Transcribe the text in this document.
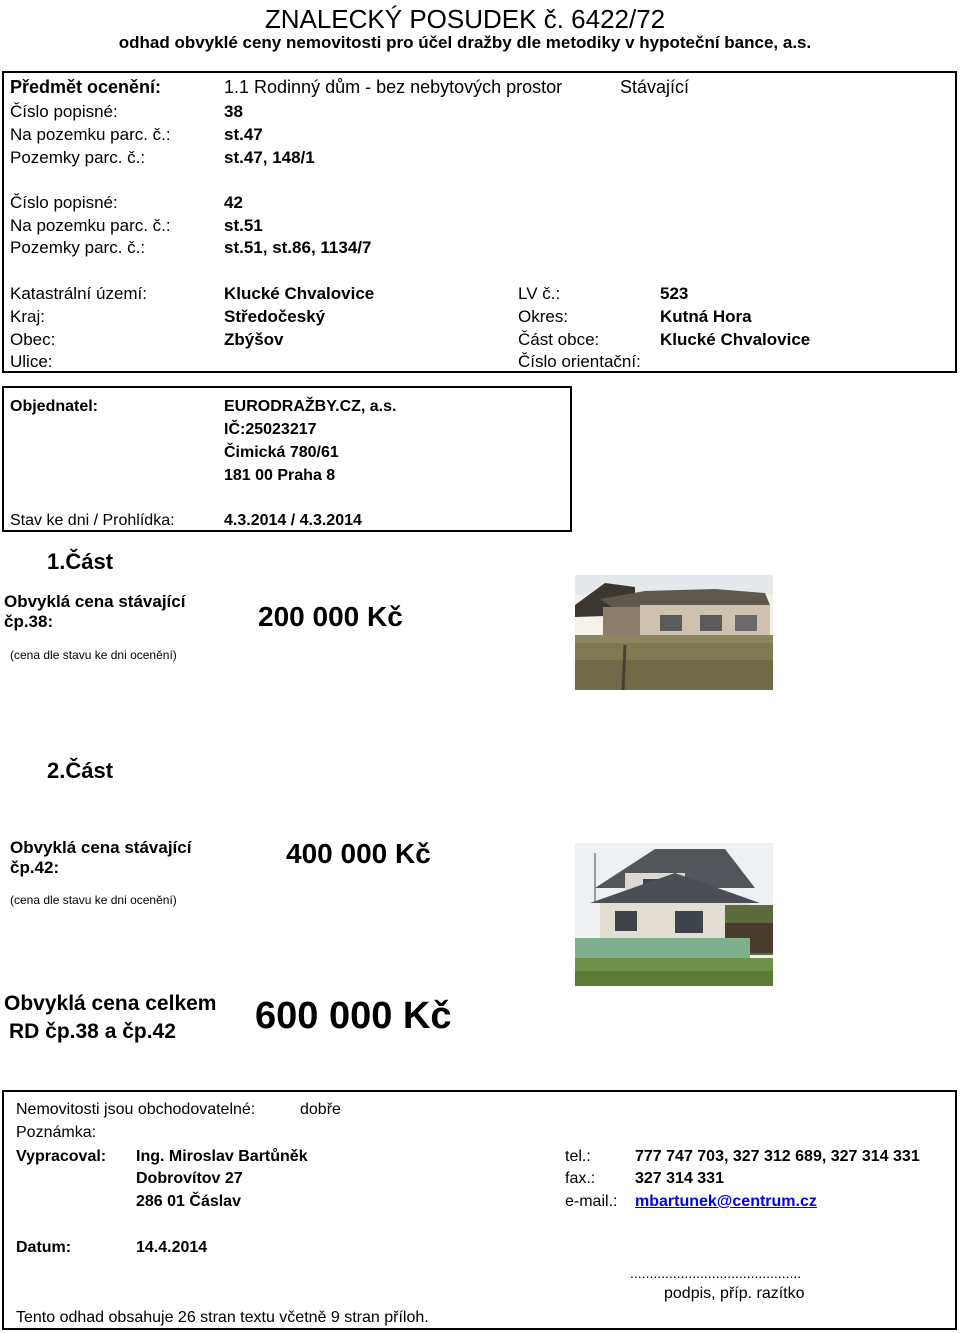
ZNALECKÝ POSUDEK č. 6422/72
odhad obvyklé ceny nemovitosti pro účel dražby dle metodiky v hypoteční bance, a.s.
Předmět ocenění:	1.1 Rodinný dům - bez nebytových prostor	Stávající
Číslo popisné:	38
Na pozemku parc. č.:	st.47
Pozemky parc. č.:	st.47, 148/1
Číslo popisné:	42
Na pozemku parc. č.:	st.51
Pozemky parc. č.:	st.51, st.86, 1134/7
Katastrální území:	Klucké Chvalovice	LV č.:	523
Kraj:	Středočeský	Okres:	Kutná Hora
Obec:	Zbýšov	Část obce:	Klucké Chvalovice
Ulice:	Číslo orientační:
Objednatel:	EURODRAŽBY.CZ, a.s.
IČ:25023217
Čimická 780/61
181 00 Praha 8
Stav ke dni / Prohlídka:	4.3.2014 / 4.3.2014
1.Část
Obvyklá cena stávající
čp.38:	200 000 Kč
(cena dle stavu ke dni ocenění)
2.Část
Obvyklá cena stávající
čp.42:	400 000 Kč
(cena dle stavu ke dni ocenění)
Obvyklá cena celkem
RD čp.38 a čp.42 600 000 Kč
Nemovitosti jsou obchodovatelné:	dobře
Poznámka:
Vypracoval: Ing. Miroslav Bartůněk
Dobrovítov 27
286 01 Čáslav
tel.:	777 747 703, 327 312 689, 327 314 331
fax.: 327 314 331
e-mail.: mbartunek@centrum.cz
Datum:	14.4.2014
............................................
podpis, příp. razítko
Tento odhad obsahuje 26 stran textu včetně 9 stran příloh.
